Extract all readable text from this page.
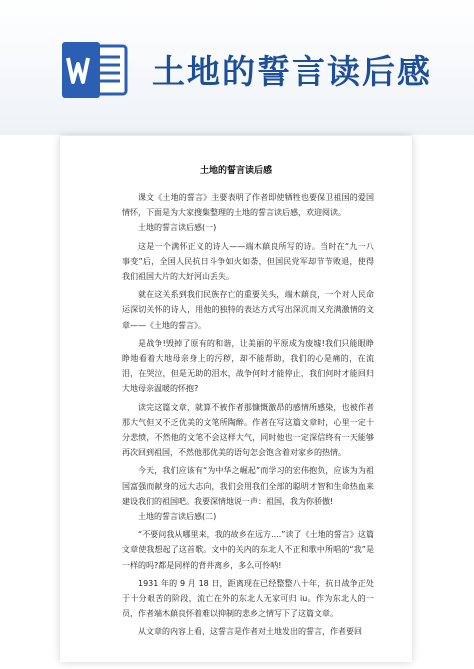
土地的誓言读后感
土地的誓言读后感

课文《土地的誓言》主要表明了作者即使牺牲也要保卫祖国的爱国情怀，下面是为大家搜集整理的土地的誓言读后感，欢迎阅读。

土地的誓言读后感(一)

这是一个满怀正义的诗人——端木蕻良所写的诗。当时在“九一八事变”后，全国人民抗日斗争如火如荼，但国民党军却节节败退，使得我们祖国大片的大好河山丢失。

就在这关系到我们民族存亡的重要关头，端木蕻良，一个对人民命运深切关怀的诗人，用他的独特的表达方式写出深沉而又充满激情的文章——《土地的誓言》。

是战争!毁掉了原有的和谐，让美丽的平原成为废墟!我们只能眼睁睁地看着大地母亲身上的污秽，却不能帮助，我们的心是痛的，在流泪，在哭泣，但是无助的泪水，战争何时才能停止，我们何时才能回归大地母亲温暖的怀抱?

读完这篇文章，就算不被作者那慷慨激昂的感情所感染，也被作者那大气但又不乏优美的文笔所陶醉。作者在写这篇文章时，心里一定十分悲愤，不然他的文笔不会这样大气，同时他也一定深信终有一天能够再次回到祖国，不然他那优美的语句怎会饱含着对家乡的热情。

今天，我们应该有“为中华之崛起”而学习的宏伟抱负，应该为为祖国富强而献身的远大志向，我们会用我们全部的聪明才智和生命热血来建设我们的祖国吧。我要深情地说一声：祖国，我为你骄傲!

土地的誓言读后感(二)

“不要问我从哪里来，我的故乡在远方....”读了《土地的誓言》这篇文章使我想起了这首歌。文中的关内的东北人不正和歌中所唱的“我”是一样的吗?都是同样的背井离乡，多么可怜呐!

1931 年的 9 月 18 日，距离现在已经整整八十年，抗日战争正处于十分艰苦的阶段，流亡在外的东北人无家可归 iu。作为东北人的一员，作者端木蕻良怀着难以抑制的悲乡之情写下了这篇文章。

从文章的内容上看，这誓言是作者对土地发出的誓言，作者要回
